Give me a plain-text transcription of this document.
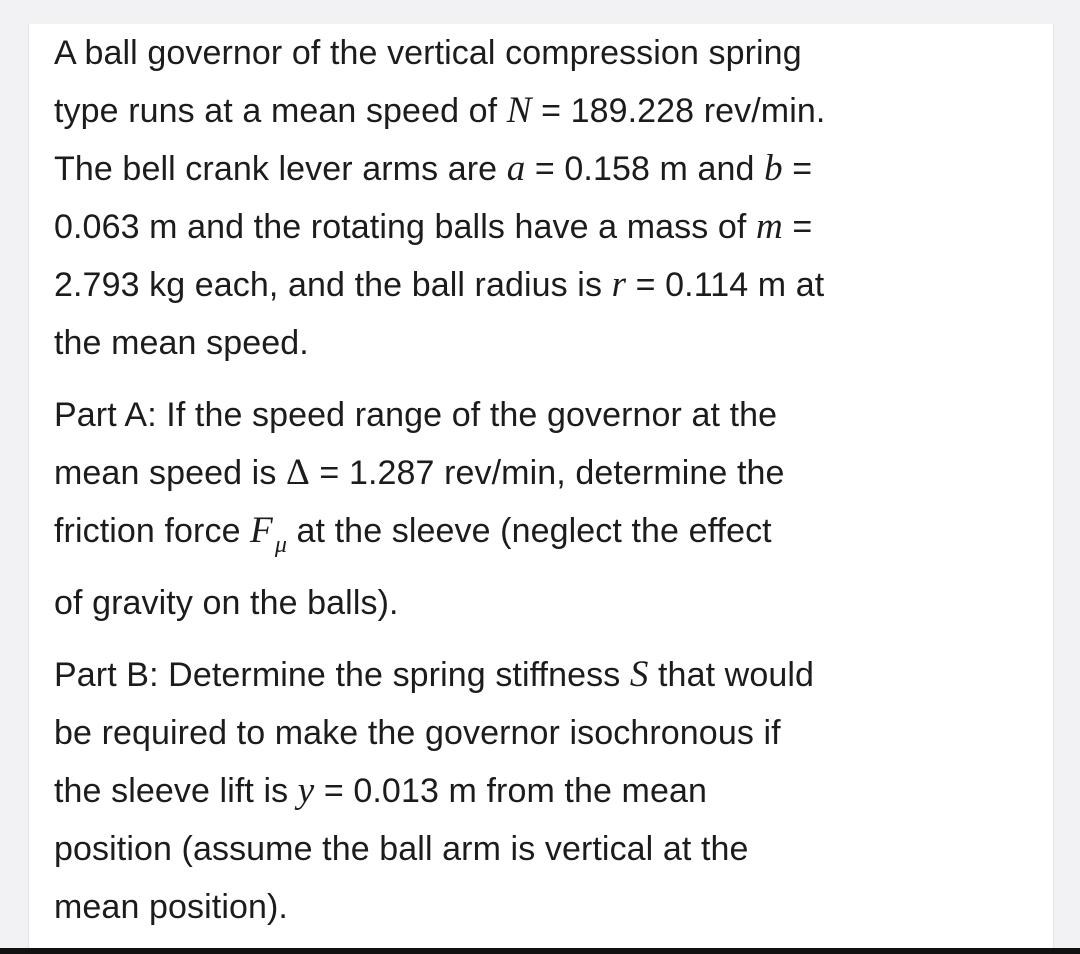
A ball governor of the vertical compression spring
type runs at a mean speed of N = 189.228 rev/min.
The bell crank lever arms are a = 0.158 m and b =
0.063 m and the rotating balls have a mass of m =
2.793 kg each, and the ball radius is r = 0.114 m at
the mean speed.

Part A: If the speed range of the governor at the
mean speed is Δ = 1.287 rev/min, determine the
friction force $F_\mu$ at the sleeve (neglect the effect
of gravity on the balls).

Part B: Determine the spring stiffness S that would
be required to make the governor isochronous if
the sleeve lift is y = 0.013 m from the mean
position (assume the ball arm is vertical at the
mean position).
